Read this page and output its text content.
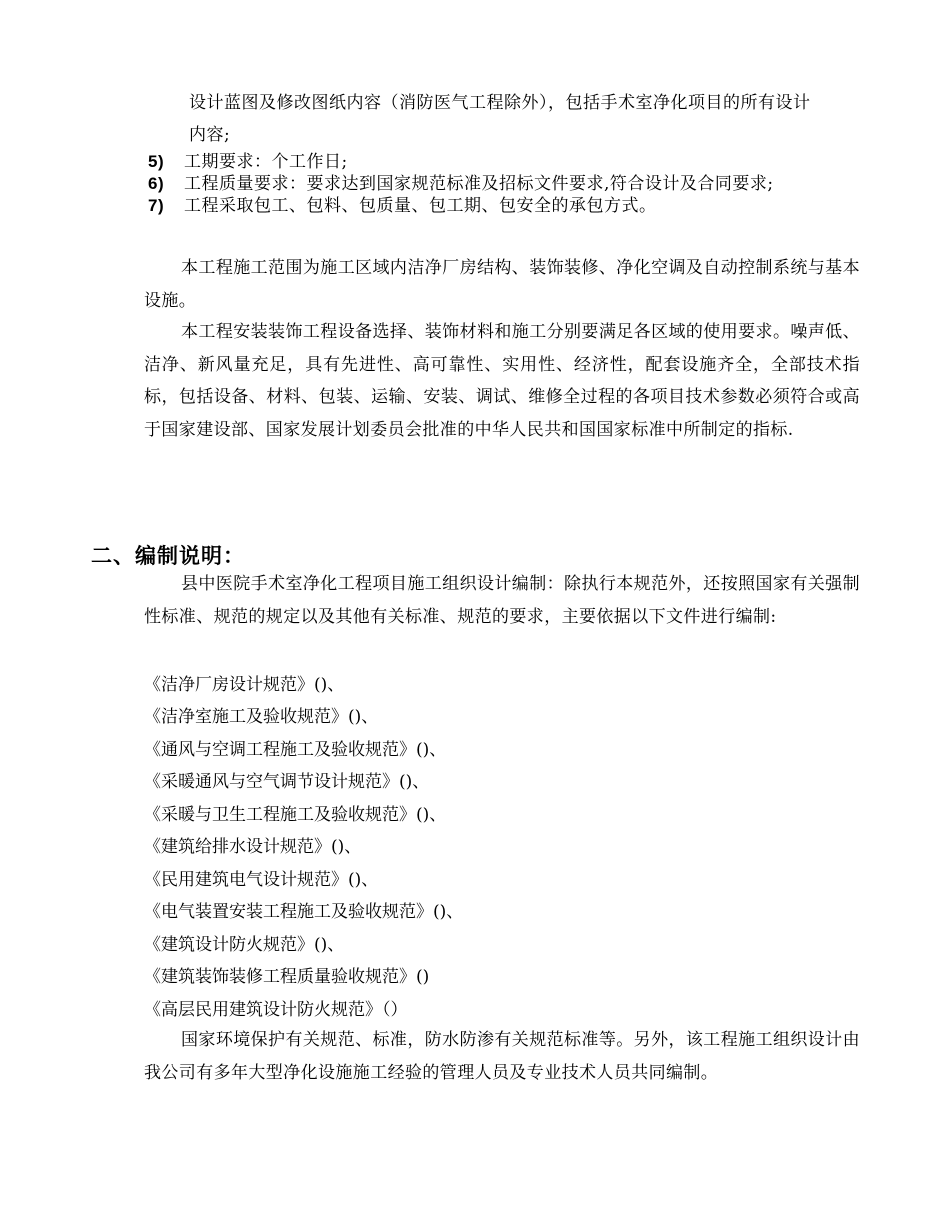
设计蓝图及修改图纸内容（消防医气工程除外），包括手术室净化项目的所有设计
内容;
5) 工期要求：个工作日;
6) 工程质量要求：要求达到国家规范标准及招标文件要求,符合设计及合同要求;
7) 工程采取包工、包料、包质量、包工期、包安全的承包方式。
本工程施工范围为施工区域内洁净厂房结构、装饰装修、净化空调及自动控制系统与基本设施。
本工程安装装饰工程设备选择、装饰材料和施工分别要满足各区域的使用要求。噪声低、洁净、新风量充足，具有先进性、高可靠性、实用性、经济性，配套设施齐全，全部技术指标，包括设备、材料、包装、运输、安装、调试、维修全过程的各项目技术参数必须符合或高于国家建设部、国家发展计划委员会批准的中华人民共和国国家标准中所制定的指标.
二、编制说明：
县中医院手术室净化工程项目施工组织设计编制：除执行本规范外，还按照国家有关强制性标准、规范的规定以及其他有关标准、规范的要求，主要依据以下文件进行编制:
《洁净厂房设计规范》()、
《洁净室施工及验收规范》()、
《通风与空调工程施工及验收规范》()、
《采暖通风与空气调节设计规范》()、
《采暖与卫生工程施工及验收规范》()、
《建筑给排水设计规范》()、
《民用建筑电气设计规范》()、
《电气装置安装工程施工及验收规范》()、
《建筑设计防火规范》()、
《建筑装饰装修工程质量验收规范》()
《高层民用建筑设计防火规范》（）
国家环境保护有关规范、标准，防水防渗有关规范标准等。另外，该工程施工组织设计由我公司有多年大型净化设施施工经验的管理人员及专业技术人员共同编制。
